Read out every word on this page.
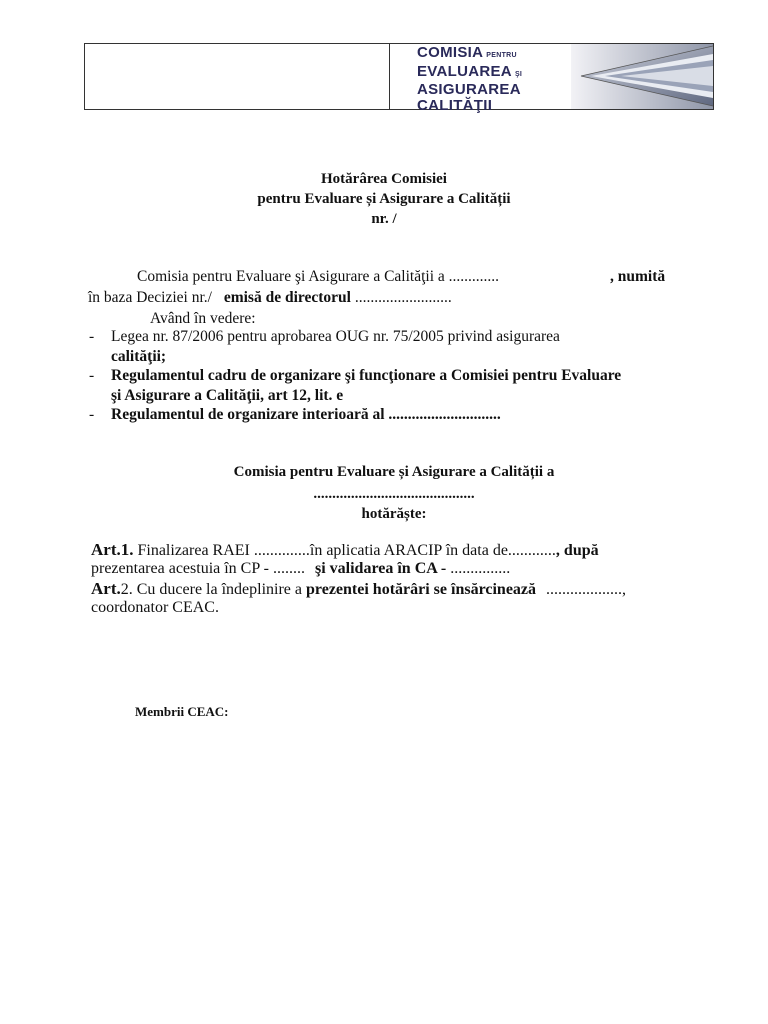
COMISIA PENTRU
EVALUAREA ŞI
ASIGURAREA
CALITĂŢII
Hotărârea Comisiei
pentru Evaluare și Asigurare a Calității
nr. /
Comisia pentru Evaluare şi Asigurare a Calităţii a .............	, numită
în baza Deciziei nr./ emisă de directorul .........................
Având în vedere:
- Legea nr. 87/2006 pentru aprobarea OUG nr. 75/2005 privind asigurarea
calităţii;
- Regulamentul cadru de organizare şi funcţionare a Comisiei pentru Evaluare
şi Asigurare a Calităţii, art 12, lit. e
- Regulamentul de organizare interioară al .............................
Comisia pentru Evaluare și Asigurare a Calității a
...........................................
hotărăște:
Art.1. Finalizarea RAEI ..............în aplicatia ARACIP în data de............, după
prezentarea acestuia în CP - ........ şi validarea în CA - ...............
Art.2. Cu ducere la îndeplinire a prezentei hotărâri se însărcinează ...................,
coordonator CEAC.
Membrii CEAC:
